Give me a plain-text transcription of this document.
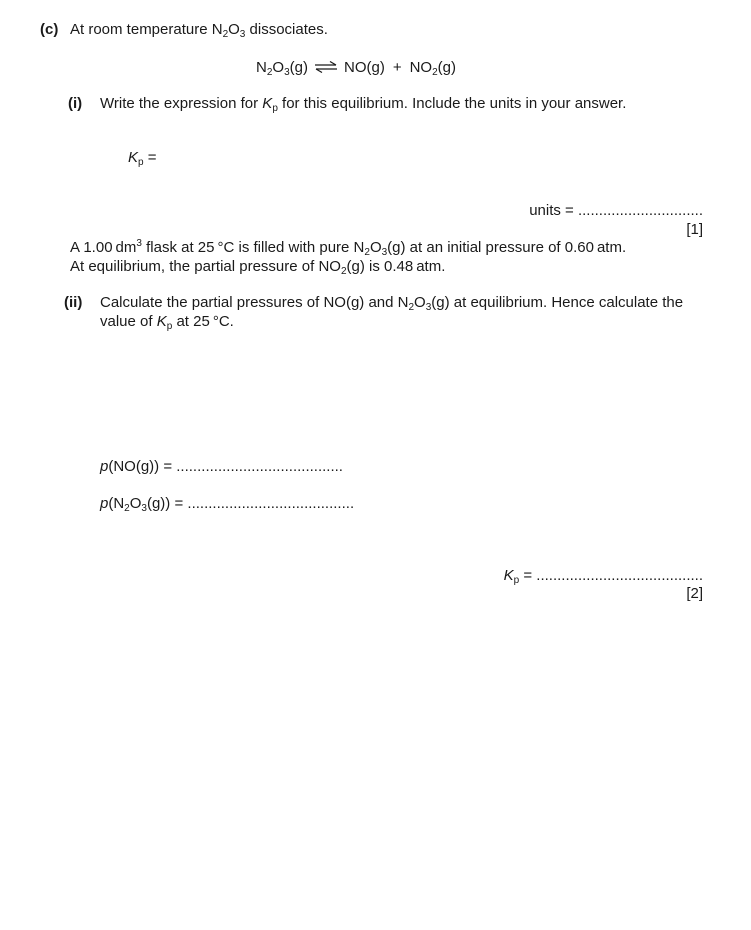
(c) At room temperature $N_2O_3$ dissociates.
$N_2O_3(g)$ ⇌ $NO(g) + NO_2(g)$
(i) Write the expression for $K_p$ for this equilibrium. Include the units in your answer.
$K_p$ =
units = ..............................
[1]
A 1.00 $dm^3$ flask at 25 °C is filled with pure $N_2O_3(g)$ at an initial pressure of 0.60 atm.
At equilibrium, the partial pressure of $NO_2(g)$ is 0.48 atm.
(ii) Calculate the partial pressures of NO(g) and $N_2O_3(g)$ at equilibrium. Hence calculate the
value of $K_p$ at 25 °C.
p(NO(g)) = ........................................
$p(N_2O_3(g))$ = ........................................
$K_p$ = ........................................
[2]
